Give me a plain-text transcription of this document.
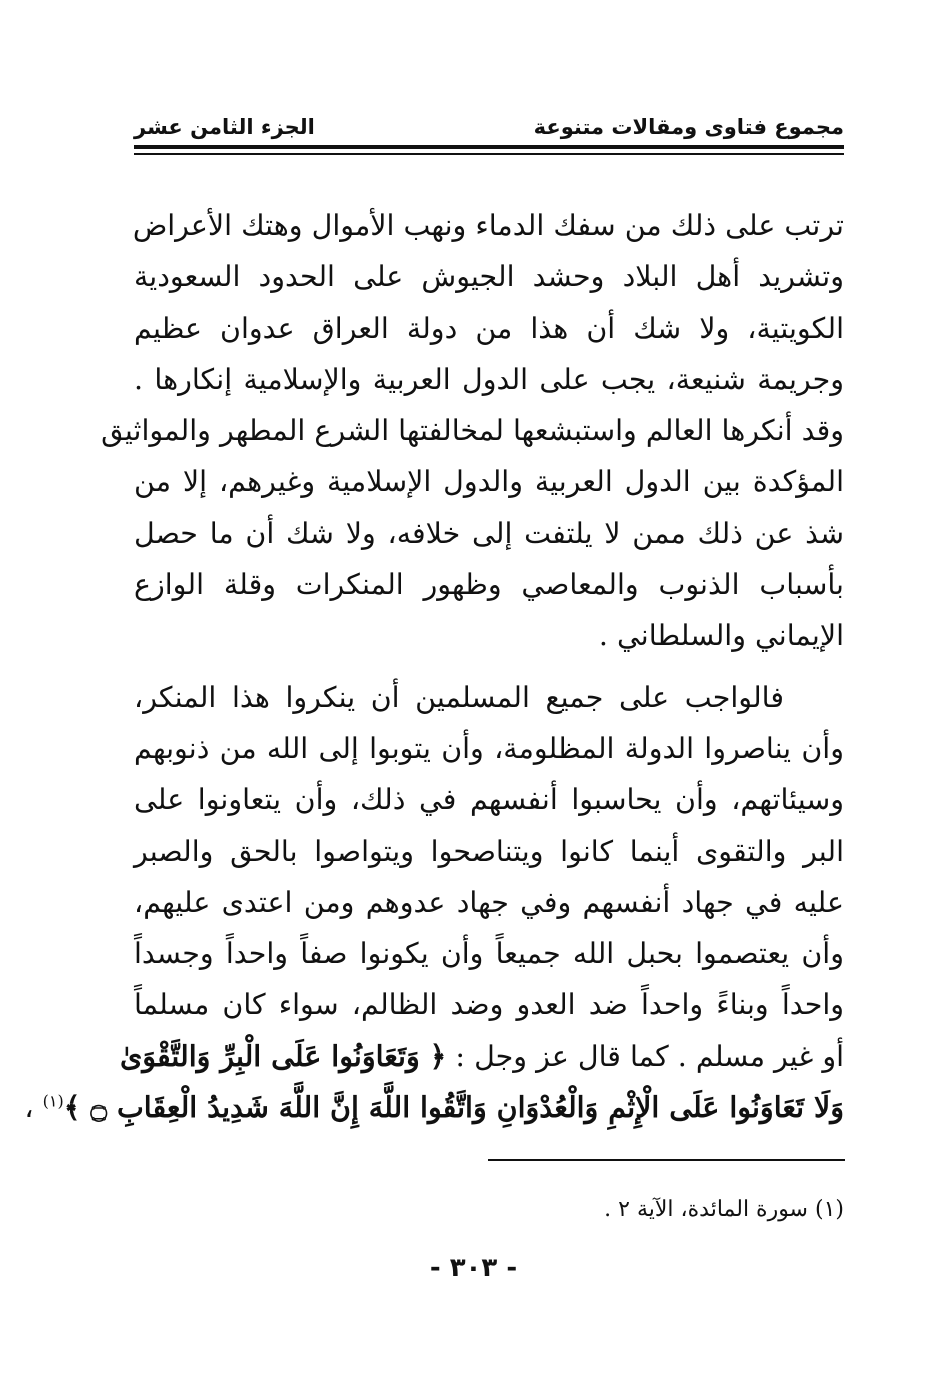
مجموع فتاوى ومقالات متنوعة
الجزء الثامن عشر
ترتب على ذلك من سفك الدماء ونهب الأموال وهتك الأعراض
وتشريد أهل البلاد وحشد الجيوش على الحدود السعودية
الكويتية، ولا شك أن هذا من دولة العراق عدوان عظيم
وجريمة شنيعة، يجب على الدول العربية والإسلامية إنكارها .
وقد أنكرها العالم واستبشعها لمخالفتها الشرع المطهر والمواثيق
المؤكدة بين الدول العربية والدول الإسلامية وغيرهم، إلا من
شذ عن ذلك ممن لا يلتفت إلى خلافه، ولا شك أن ما حصل
بأسباب الذنوب والمعاصي وظهور المنكرات وقلة الوازع
الإيماني والسلطاني .
فالواجب على جميع المسلمين أن ينكروا هذا المنكر،
وأن يناصروا الدولة المظلومة، وأن يتوبوا إلى الله من ذنوبهم
وسيئاتهم، وأن يحاسبوا أنفسهم في ذلك، وأن يتعاونوا على
البر والتقوى أينما كانوا ويتناصحوا ويتواصوا بالحق والصبر
عليه في جهاد أنفسهم وفي جهاد عدوهم ومن اعتدى عليهم،
وأن يعتصموا بحبل الله جميعاً وأن يكونوا صفاً واحداً وجسداً
واحداً وبناءً واحداً ضد العدو وضد الظالم، سواء كان مسلماً
أو غير مسلم . كما قال عز وجل : ﴿ وَتَعَاوَنُوا عَلَى الْبِرِّ وَالتَّقْوَىٰ
وَلَا تَعَاوَنُوا عَلَى الْإِثْمِ وَالْعُدْوَانِ وَاتَّقُوا اللَّهَ إِنَّ اللَّهَ شَدِيدُ الْعِقَابِ ۝ ﴾$^{(١)}$ ،
(١) سورة المائدة، الآية ٢ .
- ٣٠٣ -
